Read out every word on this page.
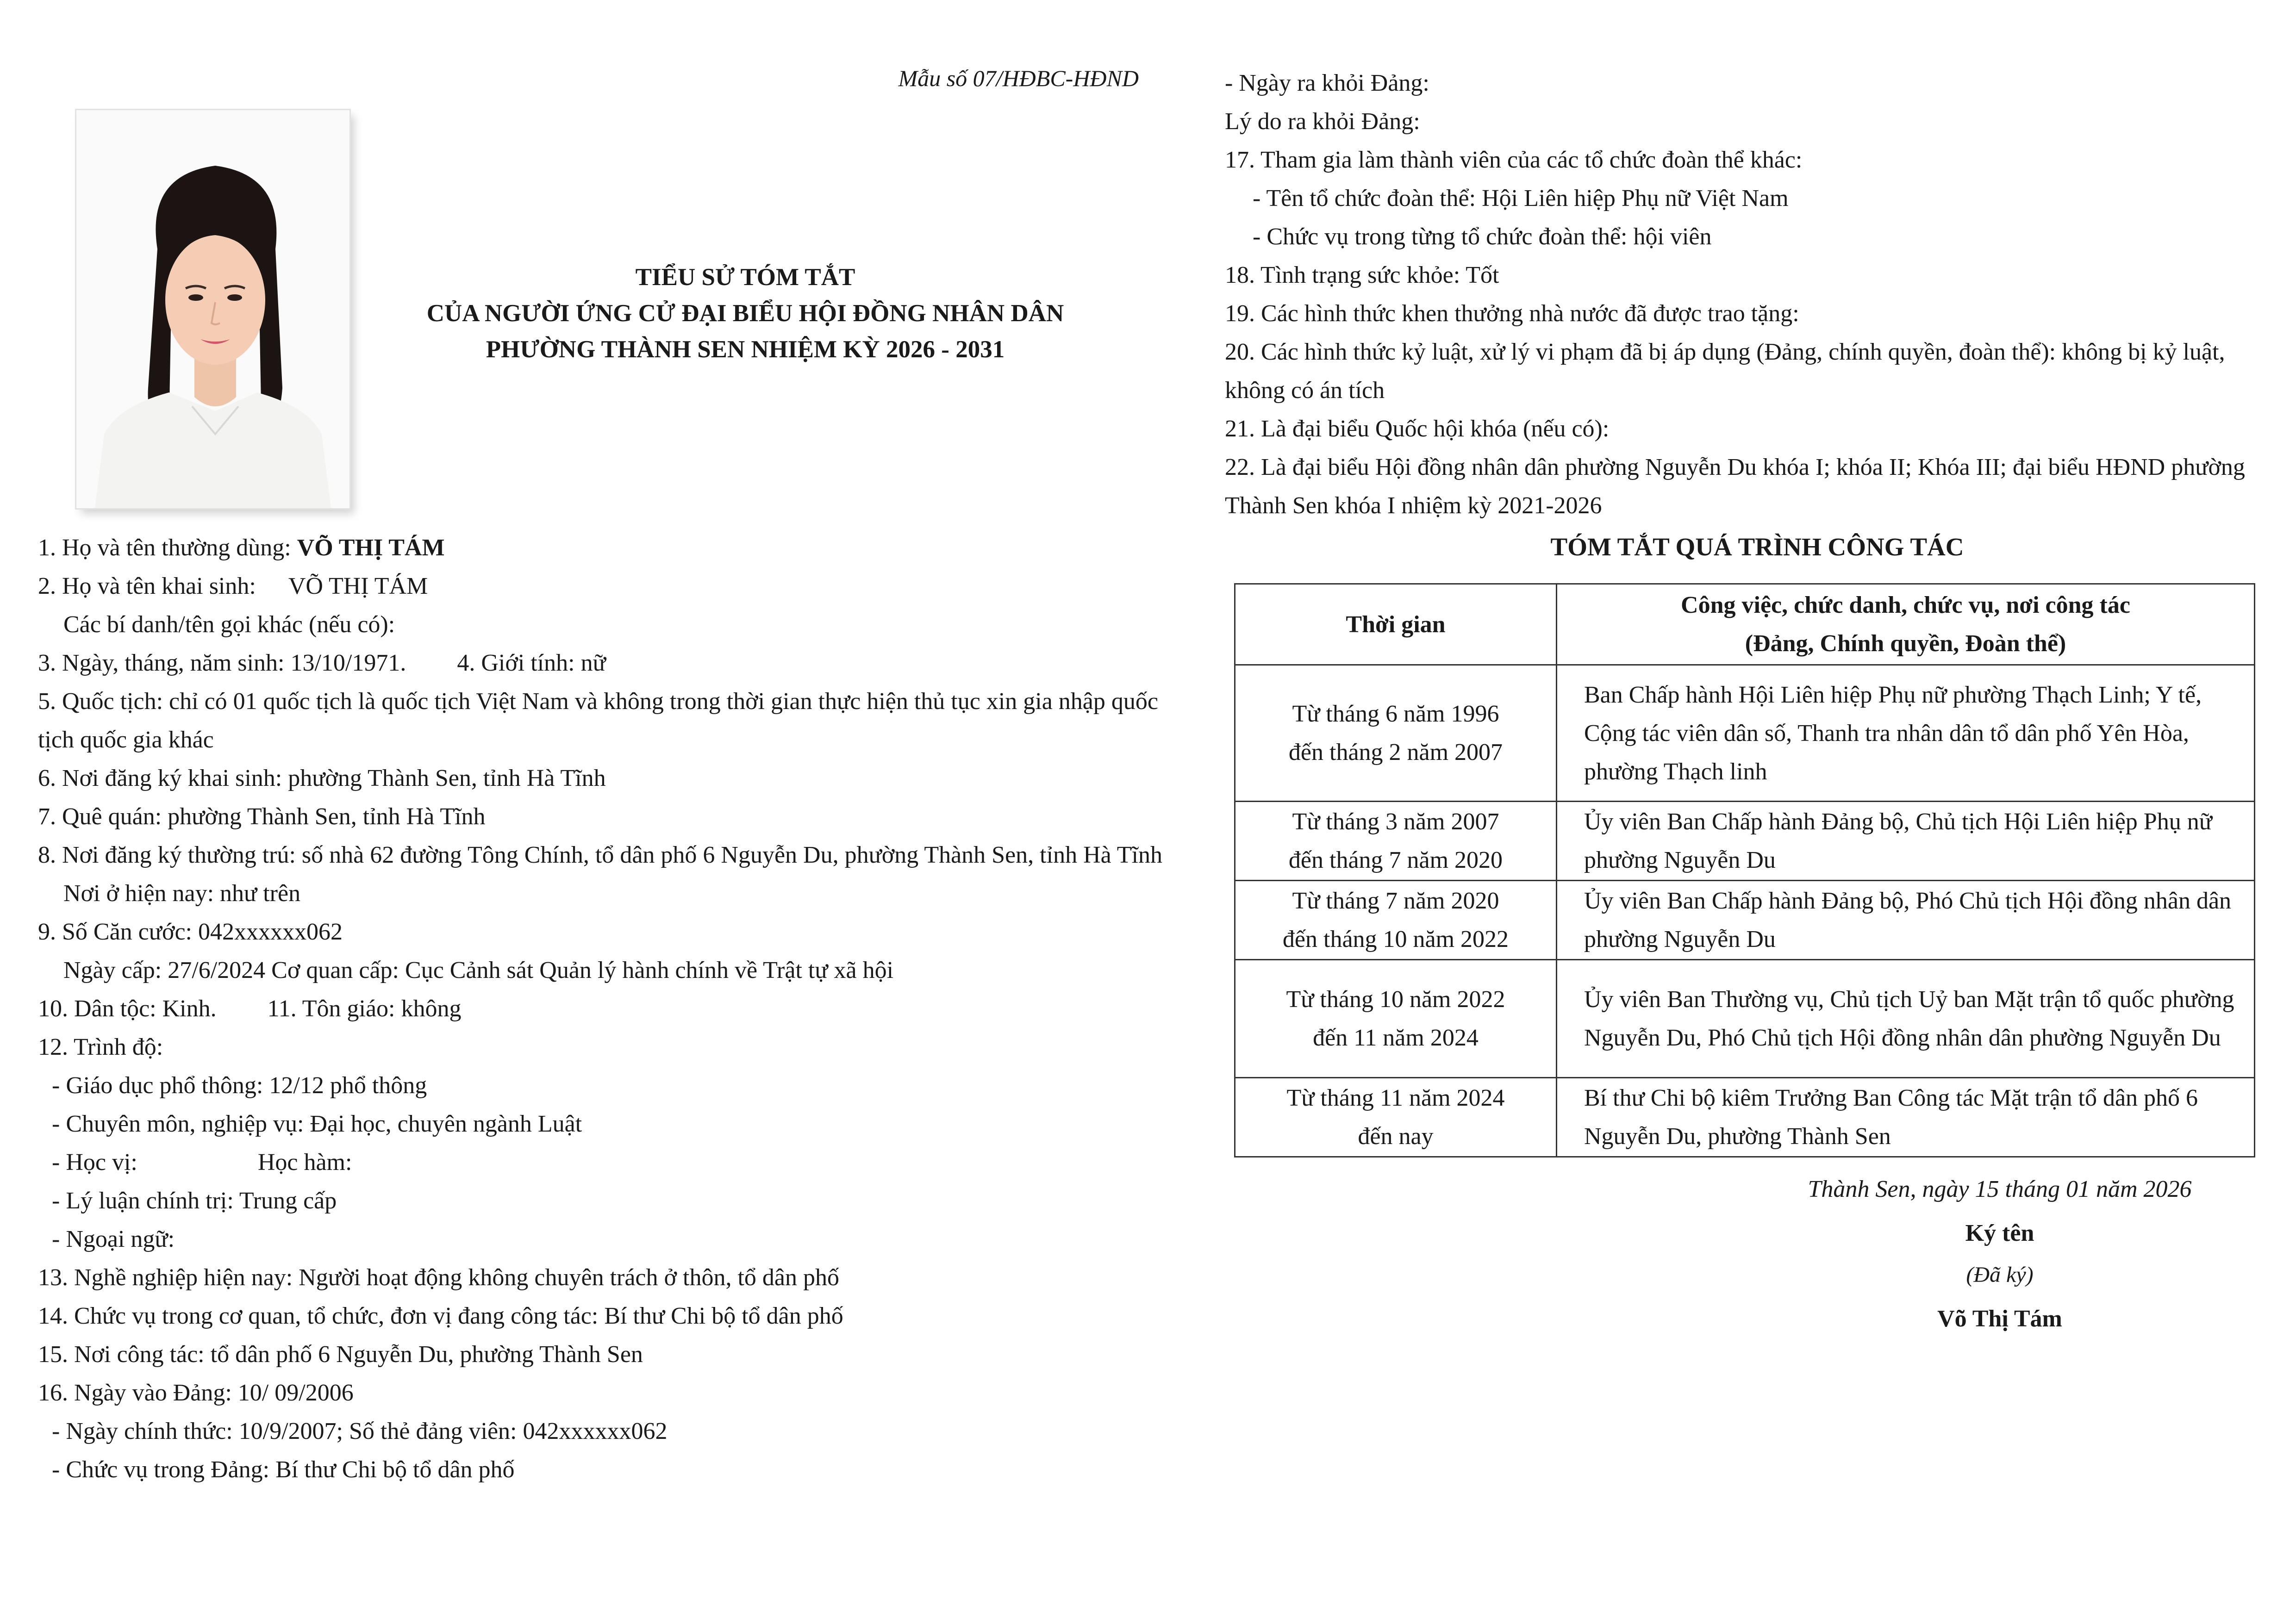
Mẫu số 07/HĐBC-HĐND
TIỂU SỬ TÓM TẮT
CỦA NGƯỜI ỨNG CỬ ĐẠI BIỂU HỘI ĐỒNG NHÂN DÂN
PHƯỜNG THÀNH SEN NHIỆM KỲ 2026 - 2031
1. Họ và tên thường dùng: VÕ THỊ TÁM
2. Họ và tên khai sinh: VÕ THỊ TÁM
Các bí danh/tên gọi khác (nếu có):
3. Ngày, tháng, năm sinh: 13/10/1971. 4. Giới tính: nữ
5. Quốc tịch: chỉ có 01 quốc tịch là quốc tịch Việt Nam và không trong thời gian thực hiện thủ tục xin gia nhập quốc tịch quốc gia khác
6. Nơi đăng ký khai sinh: phường Thành Sen, tỉnh Hà Tĩnh
7. Quê quán: phường Thành Sen, tỉnh Hà Tĩnh
8. Nơi đăng ký thường trú: số nhà 62 đường Tông Chính, tổ dân phố 6 Nguyễn Du, phường Thành Sen, tỉnh Hà Tĩnh
Nơi ở hiện nay: như trên
9. Số Căn cước: 042xxxxxx062
Ngày cấp: 27/6/2024 Cơ quan cấp: Cục Cảnh sát Quản lý hành chính về Trật tự xã hội
10. Dân tộc: Kinh. 11. Tôn giáo: không
12. Trình độ:
- Giáo dục phổ thông: 12/12 phổ thông
- Chuyên môn, nghiệp vụ: Đại học, chuyên ngành Luật
- Học vị:	Học hàm:
- Lý luận chính trị: Trung cấp
- Ngoại ngữ:
13. Nghề nghiệp hiện nay: Người hoạt động không chuyên trách ở thôn, tổ dân phố
14. Chức vụ trong cơ quan, tổ chức, đơn vị đang công tác: Bí thư Chi bộ tổ dân phố
15. Nơi công tác: tổ dân phố 6 Nguyễn Du, phường Thành Sen
16. Ngày vào Đảng: 10/ 09/2006
- Ngày chính thức: 10/9/2007; Số thẻ đảng viên: 042xxxxxx062
- Chức vụ trong Đảng: Bí thư Chi bộ tổ dân phố
- Ngày ra khỏi Đảng:
Lý do ra khỏi Đảng:
17. Tham gia làm thành viên của các tổ chức đoàn thể khác:
- Tên tổ chức đoàn thể: Hội Liên hiệp Phụ nữ Việt Nam
- Chức vụ trong từng tổ chức đoàn thể: hội viên
18. Tình trạng sức khỏe: Tốt
19. Các hình thức khen thưởng nhà nước đã được trao tặng:
20. Các hình thức kỷ luật, xử lý vi phạm đã bị áp dụng (Đảng, chính quyền, đoàn thể): không bị kỷ luật, không có án tích
21. Là đại biểu Quốc hội khóa (nếu có):
22. Là đại biểu Hội đồng nhân dân phường Nguyễn Du khóa I; khóa II; Khóa III; đại biểu HĐND phường Thành Sen khóa I nhiệm kỳ 2021-2026
TÓM TẮT QUÁ TRÌNH CÔNG TÁC
Thời gian	Công việc, chức danh, chức vụ, nơi công tác
(Đảng, Chính quyền, Đoàn thể)

Từ tháng 6 năm 1996
đến tháng 2 năm 2007	Ban Chấp hành Hội Liên hiệp Phụ nữ phường Thạch Linh; Y tế, Cộng tác viên dân số, Thanh tra nhân dân tổ dân phố Yên Hòa, phường Thạch linh

Từ tháng 3 năm 2007
đến tháng 7 năm 2020	Ủy viên Ban Chấp hành Đảng bộ, Chủ tịch Hội Liên hiệp Phụ nữ phường Nguyễn Du

Từ tháng 7 năm 2020
đến tháng 10 năm 2022	Ủy viên Ban Chấp hành Đảng bộ, Phó Chủ tịch Hội đồng nhân dân phường Nguyễn Du

Từ tháng 10 năm 2022
đến 11 năm 2024	Ủy viên Ban Thường vụ, Chủ tịch Uỷ ban Mặt trận tổ quốc phường Nguyễn Du, Phó Chủ tịch Hội đồng nhân dân phường Nguyễn Du

Từ tháng 11 năm 2024
đến nay	Bí thư Chi bộ kiêm Trưởng Ban Công tác Mặt trận tổ dân phố 6 Nguyễn Du, phường Thành Sen
Thành Sen, ngày 15 tháng 01 năm 2026
Ký tên
(Đã ký)
Võ Thị Tám
